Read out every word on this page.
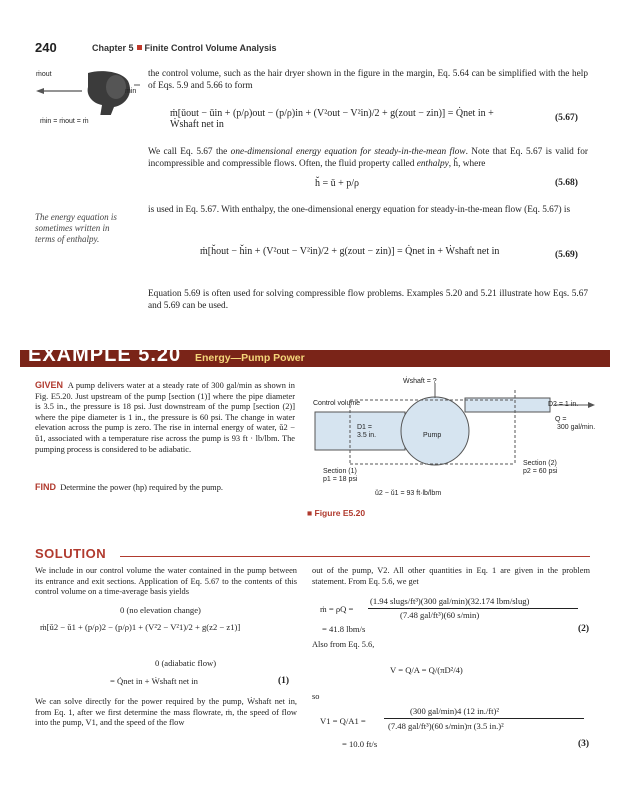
240	Chapter 5 Finite Control Volume Analysis
ṁout
ṁin
ṁin = ṁout = ṁ
the control volume, such as the hair dryer shown in the figure in the margin, Eq. 5.64 can be simplified with the help of Eqs. 5.9 and 5.66 to form
ṁ[ǔout − ǔin + (p/ρ)out − (p/ρ)in + (V²out − V²in)/2 + g(zout − zin)] = Q̇net in + Ẇshaft net in
(5.67)
We call Eq. 5.67 the one-dimensional energy equation for steady-in-the-mean flow. Note that Eq. 5.67 is valid for incompressible and compressible flows. Often, the fluid property called enthalpy, ȟ, where
ȟ = ǔ + p/ρ	(5.68)
The energy equation is sometimes written in terms of enthalpy.
is used in Eq. 5.67. With enthalpy, the one-dimensional energy equation for steady-in-the-mean flow (Eq. 5.67) is
ṁ[ȟout − ȟin + (V²out − V²in)/2 + g(zout − zin)] = Q̇net in + Ẇshaft net in	(5.69)
Equation 5.69 is often used for solving compressible flow problems. Examples 5.20 and 5.21 illustrate how Eqs. 5.67 and 5.69 can be used.
EXAMPLE 5.20 Energy—Pump Power
GIVEN A pump delivers water at a steady rate of 300 gal/min as shown in Fig. E5.20. Just upstream of the pump [section (1)] where the pipe diameter is 3.5 in., the pressure is 18 psi. Just downstream of the pump [section (2)] where the pipe diameter is 1 in., the pressure is 60 psi. The change in water elevation across the pump is zero. The rise in internal energy of water, ǔ2 − ǔ1, associated with a temperature rise across the pump is 93 ft · lb/lbm. The pumping process is considered to be adiabatic.
FIND Determine the power (hp) required by the pump.
Ẇshaft = ?
Control volume	D2 = 1 in.
Q =
300 gal/min.
D1 =
3.5 in.	Pump
Section (1)
p1 = 18 psi
Section (2)
p2 = 60 psi
ǔ2 − ǔ1 = 93 ft·lb/lbm
■ Figure E5.20
SOLUTION
We include in our control volume the water contained in the pump between its entrance and exit sections. Application of Eq. 5.67 to the contents of this control volume on a time-average basis yields
0 (no elevation change)
ṁ[ǔ2 − ǔ1 + (p/ρ)2 − (p/ρ)1 + (V²2 − V²1)/2 + g(z2 − z1)]
0 (adiabatic flow)
= Q̇net in + Ẇshaft net in	(1)
We can solve directly for the power required by the pump, Ẇshaft net in, from Eq. 1, after we first determine the mass flowrate, ṁ, the speed of flow into the pump, V1, and the speed of the flow
out of the pump, V2. All other quantities in Eq. 1 are given in the problem statement. From Eq. 5.6, we get
ṁ = ρQ =
(1.94 slugs/ft³)(300 gal/min)(32.174 lbm/slug)
(7.48 gal/ft³)(60 s/min)
= 41.8 lbm/s	(2)
Also from Eq. 5.6,
V = Q/A = Q/(πD²/4)
so
V1 = Q/A1 =
(300 gal/min)4 (12 in./ft)²
(7.48 gal/ft³)(60 s/min)π (3.5 in.)²
= 10.0 ft/s	(3)
